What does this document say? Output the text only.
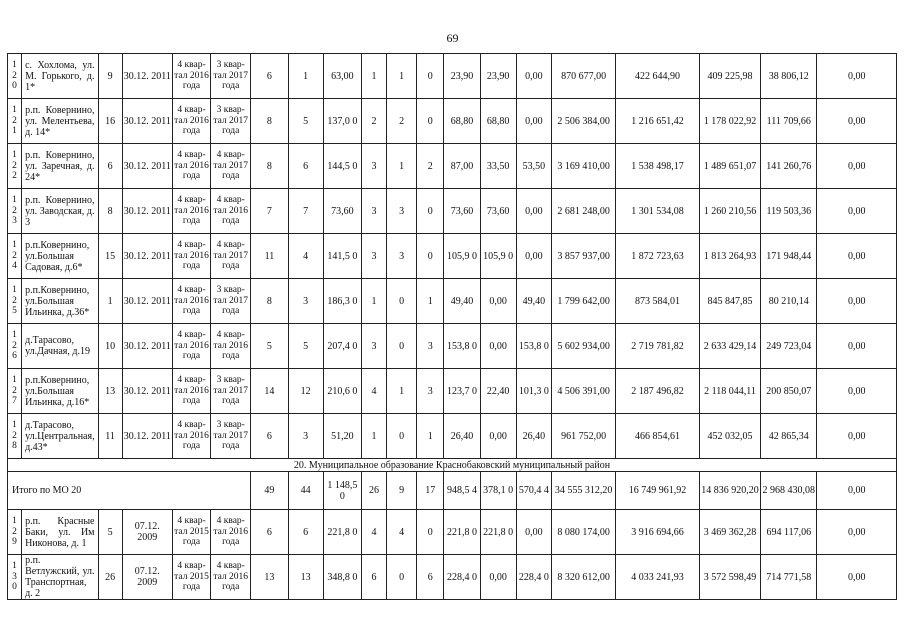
69
1
2
0	с. Хохлома, ул. М. Горького, д. 1*	9	30.12. 2011	4 квар- тал 2016 года	3 квар- тал 2017 года	6	1	63,00	1	1	0	23,90	23,90	0,00	870 677,00	422 644,90	409 225,98	38 806,12	0,00

1
2
1	р.п. Ковернино, ул. Мелентьева, д. 14*	16	30.12. 2011	4 квар- тал 2016 года	3 квар- тал 2017 года	8	5	137,0 0	2	2	0	68,80	68,80	0,00	2 506 384,00	1 216 651,42	1 178 022,92	111 709,66	0,00

1
2
2	р.п. Ковернино, ул. Заречная, д. 24*	6	30.12. 2011	4 квар- тал 2016 года	4 квар- тал 2017 года	8	6	144,5 0	3	1	2	87,00	33,50	53,50	3 169 410,00	1 538 498,17	1 489 651,07	141 260,76	0,00

1
2
3	р.п. Ковернино, ул. Заводская, д. 3	8	30.12. 2011	4 квар- тал 2016 года	4 квар- тал 2016 года	7	7	73,60	3	3	0	73,60	73,60	0,00	2 681 248,00	1 301 534,08	1 260 210,56	119 503,36	0,00

1
2
4	р.п.Ковернино, ул.Большая Садовая, д.6*	15	30.12. 2011	4 квар- тал 2016 года	4 квар- тал 2017 года	11	4	141,5 0	3	3	0	105,9 0	105,9 0	0,00	3 857 937,00	1 872 723,63	1 813 264,93	171 948,44	0,00

1
2
5	р.п.Ковернино, ул.Большая Ильинка, д.36*	1	30.12. 2011	4 квар- тал 2016 года	3 квар- тал 2017 года	8	3	186,3 0	1	0	1	49,40	0,00	49,40	1 799 642,00	873 584,01	845 847,85	80 210,14	0,00

1
2
6	д.Тарасово, ул.Дачная, д.19	10	30.12. 2011	4 квар- тал 2016 года	4 квар- тал 2016 года	5	5	207,4 0	3	0	3	153,8 0	0,00	153,8 0	5 602 934,00	2 719 781,82	2 633 429,14	249 723,04	0,00

1
2
7	р.п.Ковернино, ул.Большая Ильинка, д.16*	13	30.12. 2011	4 квар- тал 2016 года	3 квар- тал 2017 года	14	12	210,6 0	4	1	3	123,7 0	22,40	101,3 0	4 506 391,00	2 187 496,82	2 118 044,11	200 850,07	0,00

1
2
8	д.Тарасово, ул.Центральная, д.43*	11	30.12. 2011	4 квар- тал 2016 года	3 квар- тал 2017 года	6	3	51,20	1	0	1	26,40	0,00	26,40	961 752,00	466 854,61	452 032,05	42 865,34	0,00
20. Муниципальное образование Краснобаковский муниципальный район																			
Итого по МО 20						49	44	1 148,5 0	26	9	17	948,5 4	378,1 0	570,4 4	34 555 312,20	16 749 961,92	14 836 920,20	2 968 430,08	0,00

1
2
9	р.п. Красные Баки, ул. Им Никонова, д. 1	5	07.12. 2009	4 квар- тал 2015 года	4 квар- тал 2016 года	6	6	221,8 0	4	4	0	221,8 0	221,8 0	0,00	8 080 174,00	3 916 694,66	3 469 362,28	694 117,06	0,00

1
3
0	р.п. Ветлужский, ул. Транспортная, д. 2	26	07.12. 2009	4 квар- тал 2015 года	4 квар- тал 2016 года	13	13	348,8 0	6	0	6	228,4 0	0,00	228,4 0	8 320 612,00	4 033 241,93	3 572 598,49	714 771,58	0,00
